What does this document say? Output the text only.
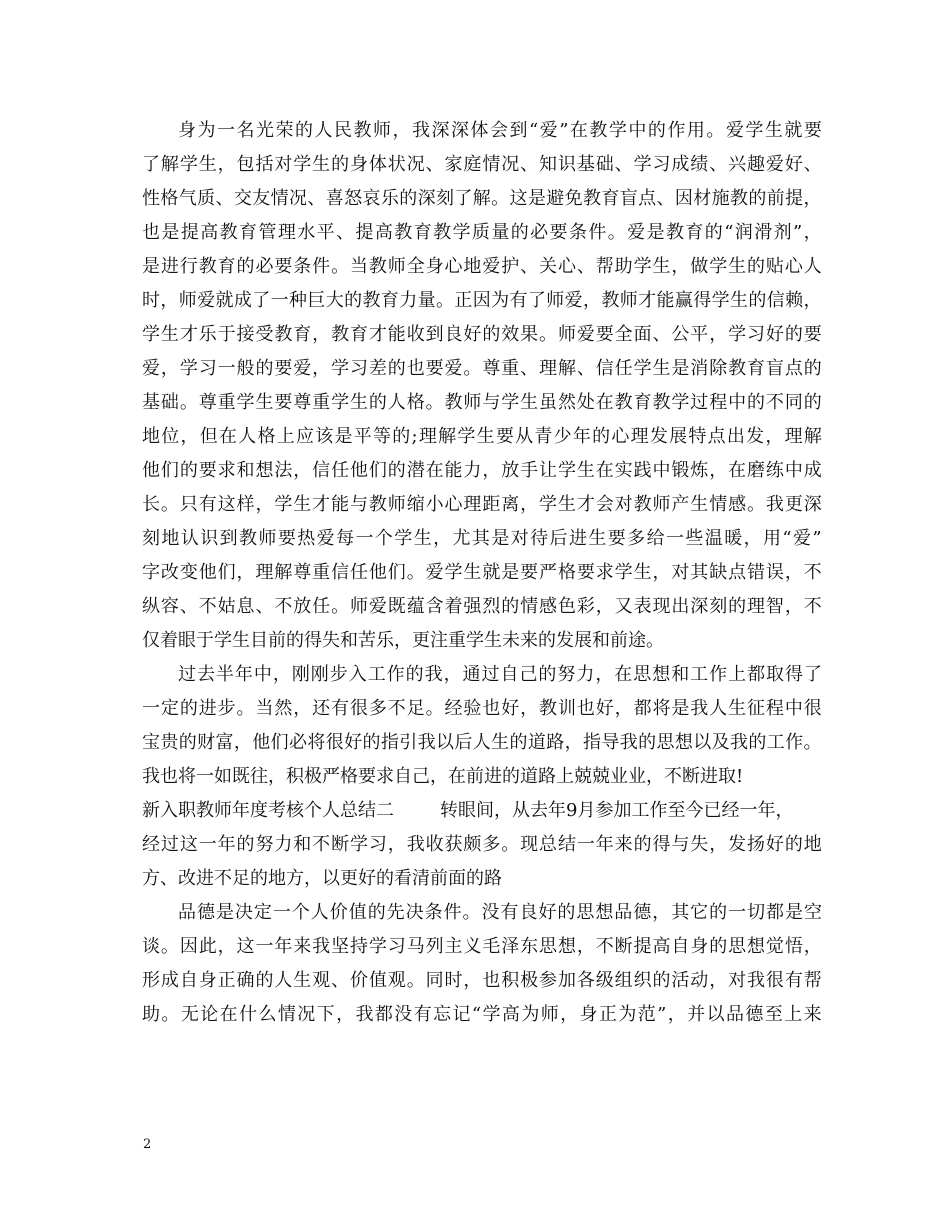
身 为 一 名 光 荣 的 人 民 教 师 ， 我 深 深 体 会 到 “ 爱 ” 在 教 学 中 的 作 用 。 爱 学 生 就 要
了 解 学 生 ， 包 括 对 学 生 的 身 体 状 况 、 家 庭 情 况 、 知 识 基 础 、 学 习 成 绩 、 兴 趣 爱 好 、
性 格 气 质 、 交 友 情 况 、 喜 怒 哀 乐 的 深 刻 了 解 。 这 是 避 免 教 育 盲 点 、 因 材 施 教 的 前 提 ，
也 是 提 高 教 育 管 理 水 平 、 提 高 教 育 教 学 质 量 的 必 要 条 件 。 爱 是 教 育 的 “ 润 滑 剂 ” ，
是 进 行 教 育 的 必 要 条 件 。 当 教 师 全 身 心 地 爱 护 、 关 心 、 帮 助 学 生 ， 做 学 生 的 贴 心 人
时 ， 师 爱 就 成 了 一 种 巨 大 的 教 育 力 量 。 正 因 为 有 了 师 爱 ， 教 师 才 能 赢 得 学 生 的 信 赖 ，
学 生 才 乐 于 接 受 教 育 ， 教 育 才 能 收 到 良 好 的 效 果 。 师 爱 要 全 面 、 公 平 ， 学 习 好 的 要
爱 ， 学 习 一 般 的 要 爱 ， 学 习 差 的 也 要 爱 。 尊 重 、 理 解 、 信 任 学 生 是 消 除 教 育 盲 点 的
基 础 。 尊 重 学 生 要 尊 重 学 生 的 人 格 。 教 师 与 学 生 虽 然 处 在 教 育 教 学 过 程 中 的 不 同 的
地 位 ， 但 在 人 格 上 应 该 是 平 等 的 ; 理 解 学 生 要 从 青 少 年 的 心 理 发 展 特 点 出 发 ， 理 解
他 们 的 要 求 和 想 法 ， 信 任 他 们 的 潜 在 能 力 ， 放 手 让 学 生 在 实 践 中 锻 炼 ， 在 磨 练 中 成
长 。 只 有 这 样 ， 学 生 才 能 与 教 师 缩 小 心 理 距 离 ， 学 生 才 会 对 教 师 产 生 情 感 。 我 更 深
刻 地 认 识 到 教 师 要 热 爱 每 一 个 学 生 ， 尤 其 是 对 待 后 进 生 要 多 给 一 些 温 暖 ， 用 “ 爱 ”
字 改 变 他 们 ， 理 解 尊 重 信 任 他 们 。 爱 学 生 就 是 要 严 格 要 求 学 生 ， 对 其 缺 点 错 误 ， 不
纵 容 、 不 姑 息 、 不 放 任 。 师 爱 既 蕴 含 着 强 烈 的 情 感 色 彩 ， 又 表 现 出 深 刻 的 理 智 ， 不
仅着眼于学生目前的得失和苦乐，更注重学生未来的发展和前途。
过 去 半 年 中 ， 刚 刚 步 入 工 作 的 我 ， 通 过 自 己 的 努 力 ， 在 思 想 和 工 作 上 都 取 得 了
一 定 的 进 步 。 当 然 ， 还 有 很 多 不 足 。 经 验 也 好 ， 教 训 也 好 ， 都 将 是 我 人 生 征 程 中 很
宝 贵 的 财 富 ， 他 们 必 将 很 好 的 指 引 我 以 后 人 生 的 道 路 ， 指 导 我 的 思 想 以 及 我 的 工 作 。
我也将一如既往，积极严格要求自己，在前进的道路上兢兢业业，不断进取!
新入职教师年度考核个人总结二	转眼间，从去年9月参加工作至今已经一年，
经 过 这 一 年 的 努 力 和 不 断 学 习 ， 我 收 获 颇 多 。 现 总 结 一 年 来 的 得 与 失 ， 发 扬 好 的 地
方、改进不足的地方，以更好的看清前面的路
品 德 是 决 定 一 个 人 价 值 的 先 决 条 件 。 没 有 良 好 的 思 想 品 德 ， 其 它 的 一 切 都 是 空
谈 。 因 此 ， 这 一 年 来 我 坚 持 学 习 马 列 主 义 毛 泽 东 思 想 ， 不 断 提 高 自 身 的 思 想 觉 悟 ，
形 成 自 身 正 确 的 人 生 观 、 价 值 观 。 同 时 ， 也 积 极 参 加 各 级 组 织 的 活 动 ， 对 我 很 有 帮
助 。 无 论 在 什 么 情 况 下 ， 我 都 没 有 忘 记 “ 学 高 为 师 ， 身 正 为 范 ” ， 并 以 品 德 至 上 来
2
